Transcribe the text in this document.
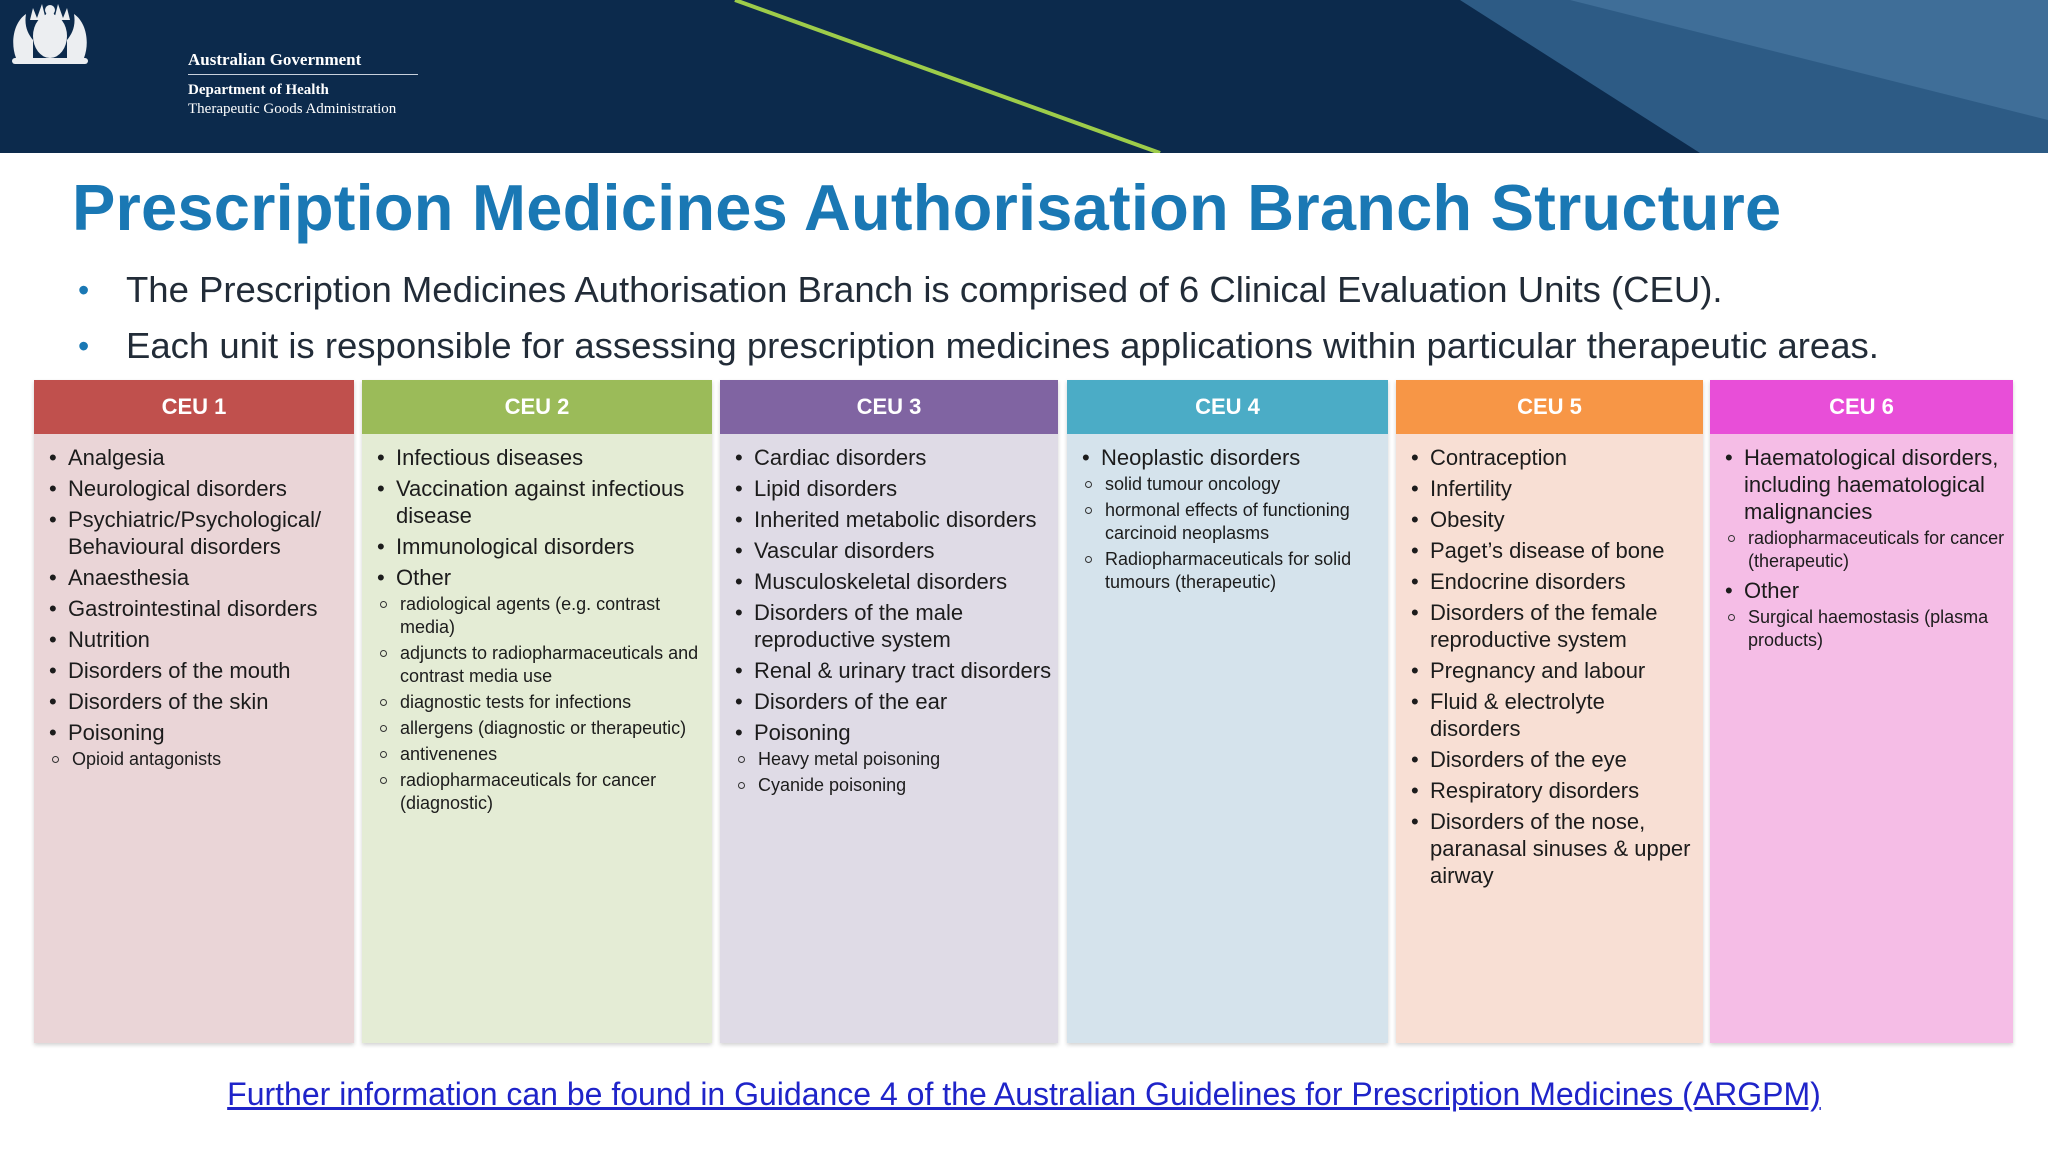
Australian Government
Department of Health
Therapeutic Goods Administration
Prescription Medicines Authorisation Branch Structure
• The Prescription Medicines Authorisation Branch is comprised of 6 Clinical Evaluation Units (CEU).
• Each unit is responsible for assessing prescription medicines applications within particular therapeutic areas.
CEU 1
• Analgesia
• Neurological disorders
• Psychiatric/Psychological/ Behavioural disorders
• Anaesthesia
• Gastrointestinal disorders
• Nutrition
• Disorders of the mouth
• Disorders of the skin
• Poisoning
Opioid antagonists
CEU 2
• Infectious diseases
• Vaccination against infectious disease
• Immunological disorders
• Other
radiological agents (e.g. contrast media)
adjuncts to radiopharmaceuticals and contrast media use
diagnostic tests for infections
allergens (diagnostic or therapeutic)
antivenenes
radiopharmaceuticals for cancer (diagnostic)
CEU 3
• Cardiac disorders
• Lipid disorders
• Inherited metabolic disorders
• Vascular disorders
• Musculoskeletal disorders
• Disorders of the male reproductive system
• Renal & urinary tract disorders
• Disorders of the ear
• Poisoning
Heavy metal poisoning
Cyanide poisoning
CEU 4
• Neoplastic disorders
solid tumour oncology
hormonal effects of functioning carcinoid neoplasms
Radiopharmaceuticals for solid tumours (therapeutic)
CEU 5
• Contraception
• Infertility
• Obesity
• Paget’s disease of bone
• Endocrine disorders
• Disorders of the female reproductive system
• Pregnancy and labour
• Fluid & electrolyte disorders
• Disorders of the eye
• Respiratory disorders
• Disorders of the nose, paranasal sinuses & upper airway
CEU 6
• Haematological disorders, including haematological malignancies
radiopharmaceuticals for cancer (therapeutic)
• Other
Surgical haemostasis (plasma products)
Further information can be found in Guidance 4 of the Australian Guidelines for Prescription Medicines (ARGPM)
